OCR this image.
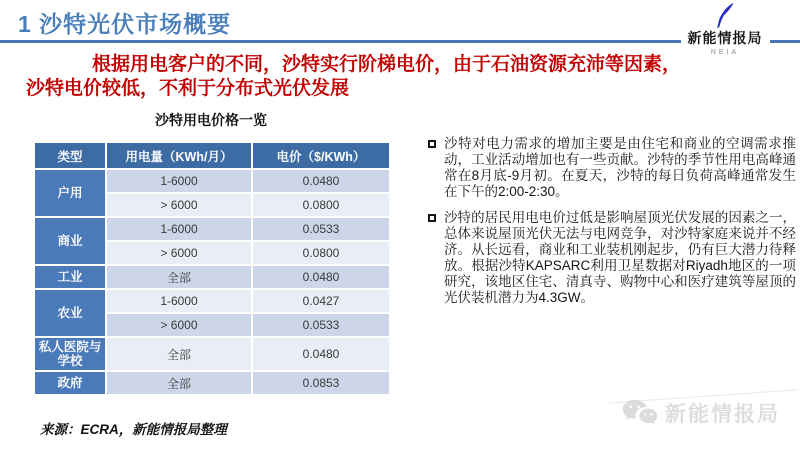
1 沙特光伏市场概要
新能情报局
NEIA
根据用电客户的不同，沙特实行阶梯电价，由于石油资源充沛等因素，
沙特电价较低，不利于分布式光伏发展
沙特用电价格一览
类型	用电量（KWh/月）	电价（$/KWh）
户用	1-6000	0.0480
	> 6000	0.0800
商业	1-6000	0.0533
	> 6000	0.0800
工业	全部	0.0480
农业	1-6000	0.0427
	> 6000	0.0533
私人医院与学校	全部	0.0480
政府	全部	0.0853
沙特对电力需求的增加主要是由住宅和商业的空调需求推动，工业活动增加也有一些贡献。沙特的季节性用电高峰通常在8月底-9月初。在夏天，沙特的每日负荷高峰通常发生在下午的2:00-2:30。
沙特的居民用电电价过低是影响屋顶光伏发展的因素之一，总体来说屋顶光伏无法与电网竞争，对沙特家庭来说并不经济。从长远看，商业和工业装机刚起步，仍有巨大潜力待释放。根据沙特KAPSARC利用卫星数据对Riyadh地区的一项研究，该地区住宅、清真寺、购物中心和医疗建筑等屋顶的光伏装机潜力为4.3GW。
来源：ECRA，新能情报局整理
新能情报局
